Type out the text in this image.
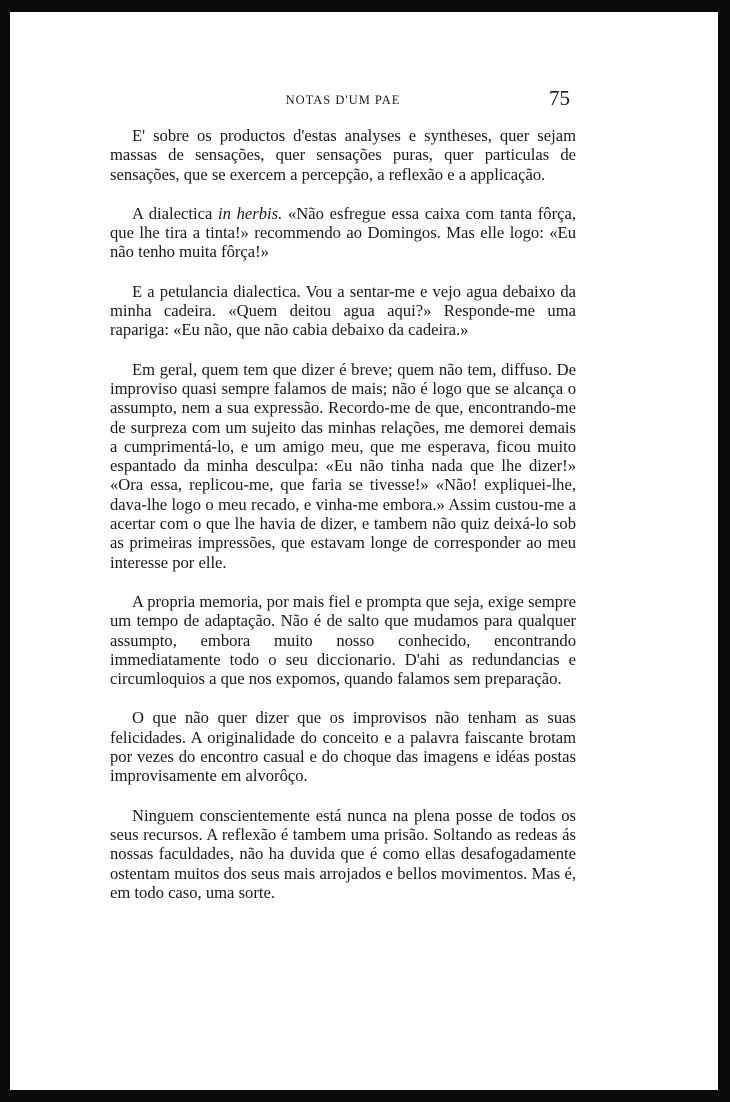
NOTAS D'UM PAE	75

E' sobre os productos d'estas analyses e syntheses, quer sejam massas de sensações, quer sensações puras, quer particulas de sensações, que se exercem a percepção, a reflexão e a applicação.

A dialectica in herbis. «Não esfregue essa caixa com tanta fôrça, que lhe tira a tinta!» recommendo ao Domingos. Mas elle logo: «Eu não tenho muita fôrça!»

E a petulancia dialectica. Vou a sentar-me e vejo agua debaixo da minha cadeira. «Quem deitou agua aqui?» Responde-me uma rapariga: «Eu não, que não cabia debaixo da cadeira.»

Em geral, quem tem que dizer é breve; quem não tem, diffuso. De improviso quasi sempre falamos de mais; não é logo que se alcança o assumpto, nem a sua expressão. Recordo-me de que, encontrando-me de surpreza com um sujeito das minhas relações, me demorei demais a cumprimentá-lo, e um amigo meu, que me esperava, ficou muito espantado da minha desculpa: «Eu não tinha nada que lhe dizer!» «Ora essa, replicou-me, que faria se tivesse!» «Não! expliquei-lhe, dava-lhe logo o meu recado, e vinha-me embora.» Assim custou-me a acertar com o que lhe havia de dizer, e tambem não quiz deixá-lo sob as primeiras impressões, que estavam longe de corresponder ao meu interesse por elle.

A propria memoria, por mais fiel e prompta que seja, exige sempre um tempo de adaptação. Não é de salto que mudamos para qualquer assumpto, embora muito nosso conhecido, encontrando immediatamente todo o seu diccionario. D'ahi as redundancias e circumloquios a que nos expomos, quando falamos sem preparação.

O que não quer dizer que os improvisos não tenham as suas felicidades. A originalidade do conceito e a palavra faiscante brotam por vezes do encontro casual e do choque das imagens e idéas postas improvisamente em alvorôço.

Ninguem conscientemente está nunca na plena posse de todos os seus recursos. A reflexão é tambem uma prisão. Soltando as redeas ás nossas faculdades, não ha duvida que é como ellas desafogadamente ostentam muitos dos seus mais arrojados e bellos movimentos. Mas é, em todo caso, uma sorte.
